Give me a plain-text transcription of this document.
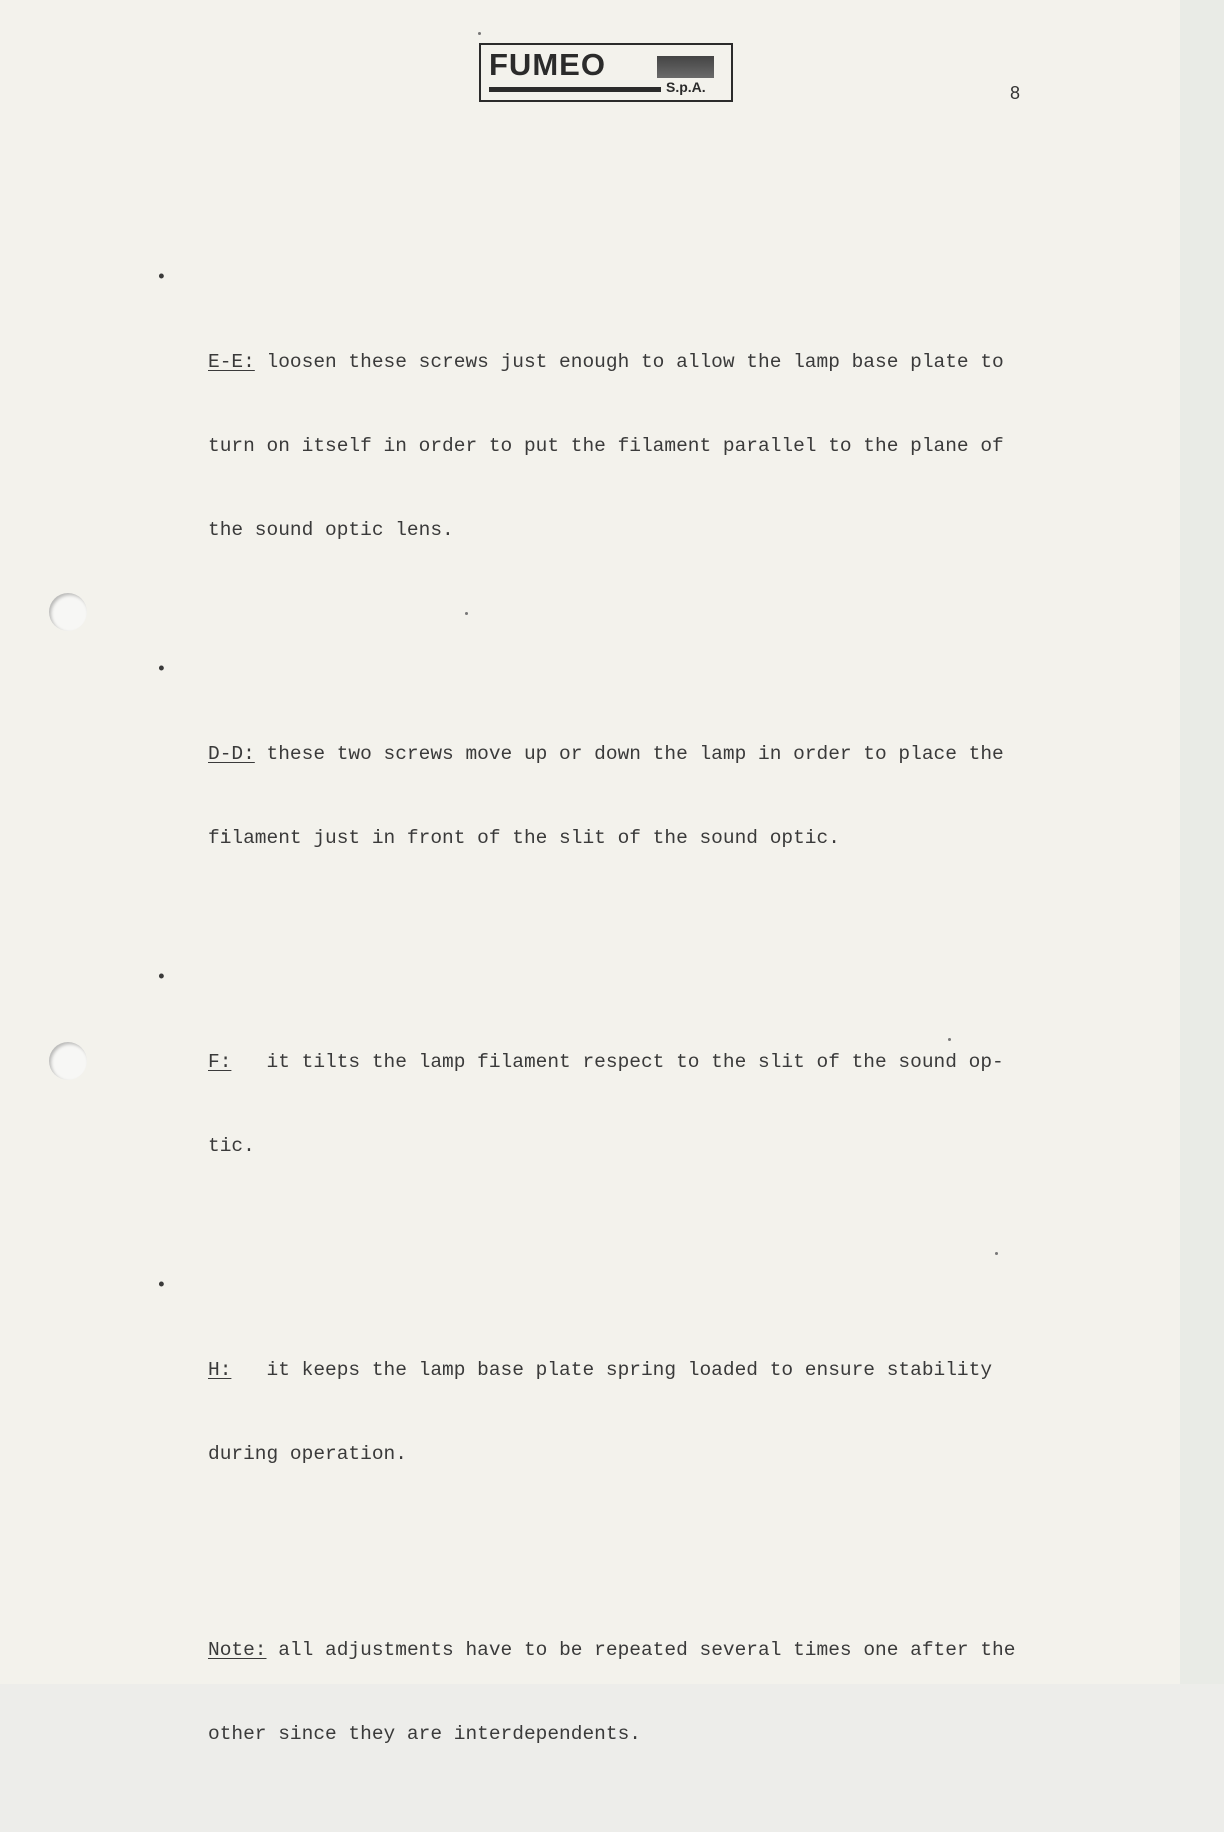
FUMEO
S.p.A.	8

•

E-E: loosen these screws just enough to allow the lamp base plate to

turn on itself in order to put the filament parallel to the plane of

the sound optic lens.

•

D-D: these two screws move up or down the lamp in order to place the

filament just in front of the slit of the sound optic.

•

F:   it tilts the lamp filament respect to the slit of the sound op-

tic.

•

H:   it keeps the lamp base plate spring loaded to ensure stability

during operation.

Note: all adjustments have to be repeated several times one after the

other since they are interdependents.
